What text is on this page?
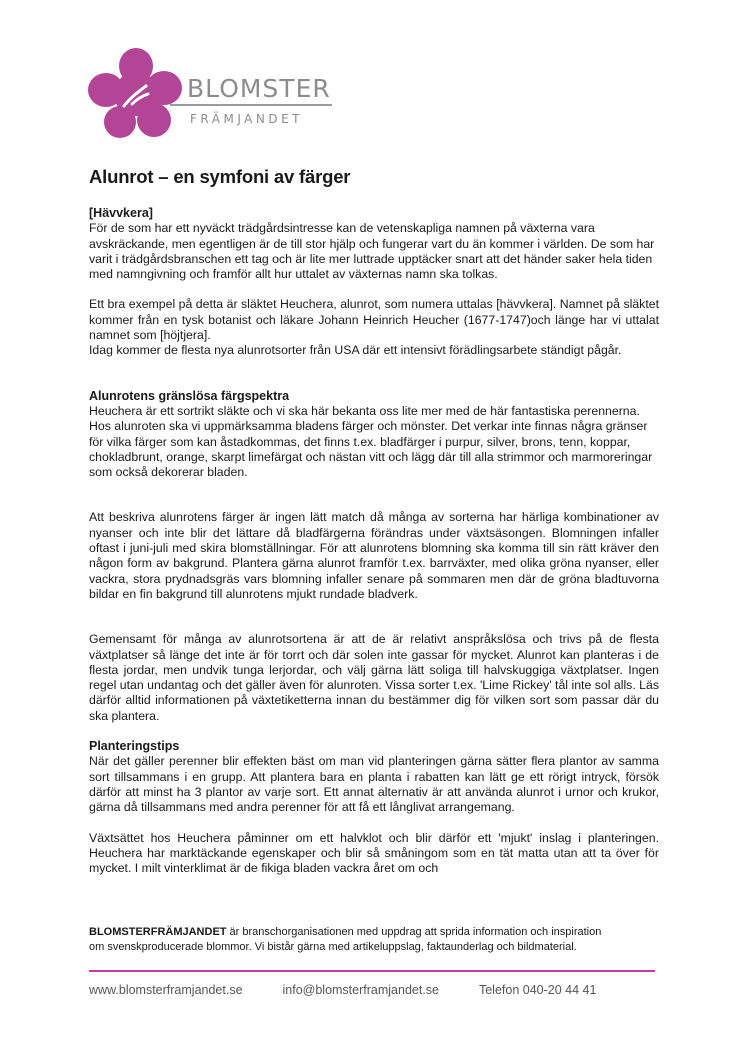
BLOMSTER
FRÄMJANDET
Alunrot – en symfoni av färger

[Hävvkera]

För de som har ett nyväckt trädgårdsintresse kan de vetenskapliga namnen på växterna vara avskräckande, men egentligen är de till stor hjälp och fungerar vart du än kommer i världen. De som har varit i trädgårdsbranschen ett tag och är lite mer luttrade upptäcker snart att det händer saker hela tiden med namngivning och framför allt hur uttalet av växternas namn ska tolkas.

Ett bra exempel på detta är släktet Heuchera, alunrot, som numera uttalas [hävvkera]. Namnet på släktet kommer från en tysk botanist och läkare Johann Heinrich Heucher (1677-1747)och länge har vi uttalat namnet som [höjtjera].

Idag kommer de flesta nya alunrotsorter från USA där ett intensivt förädlingsarbete ständigt pågår.

Alunrotens gränslösa färgspektra

Heuchera är ett sortrikt släkte och vi ska här bekanta oss lite mer med de här fantastiska perennerna. Hos alunroten ska vi uppmärksamma bladens färger och mönster. Det verkar inte finnas några gränser för vilka färger som kan åstadkommas, det finns t.ex. bladfärger i purpur, silver, brons, tenn, koppar, chokladbrunt, orange, skarpt limefärgat och nästan vitt och lägg där till alla strimmor och marmoreringar som också dekorerar bladen.

Att beskriva alunrotens färger är ingen lätt match då många av sorterna har härliga kombinationer av nyanser och inte blir det lättare då bladfärgerna förändras under växtsäsongen. Blomningen infaller oftast i juni-juli med skira blomställningar. För att alunrotens blomning ska komma till sin rätt kräver den någon form av bakgrund. Plantera gärna alunrot framför t.ex. barrväxter, med olika gröna nyanser, eller vackra, stora prydnadsgräs vars blomning infaller senare på sommaren men där de gröna bladtuvorna bildar en fin bakgrund till alunrotens mjukt rundade bladverk.

Gemensamt för många av alunrotsortena är att de är relativt anspråkslösa och trivs på de flesta växtplatser så länge det inte är för torrt och där solen inte gassar för mycket. Alunrot kan planteras i de flesta jordar, men undvik tunga lerjordar, och välj gärna lätt soliga till halvskuggiga växtplatser. Ingen regel utan undantag och det gäller även för alunroten. Vissa sorter t.ex. 'Lime Rickey' tål inte sol alls. Läs därför alltid informationen på växtetiketterna innan du bestämmer dig för vilken sort som passar där du ska plantera.

Planteringstips

När det gäller perenner blir effekten bäst om man vid planteringen gärna sätter flera plantor av samma sort tillsammans i en grupp. Att plantera bara en planta i rabatten kan lätt ge ett rörigt intryck, försök därför att minst ha 3 plantor av varje sort. Ett annat alternativ är att använda alunrot i urnor och krukor, gärna då tillsammans med andra perenner för att få ett långlivat arrangemang.

Växtsättet hos Heuchera påminner om ett halvklot och blir därför ett 'mjukt' inslag i planteringen. Heuchera har marktäckande egenskaper och blir så småningom som en tät matta utan att ta över för mycket. I milt vinterklimat är de fikiga bladen vackra året om och

BLOMSTERFRÄMJANDET är branschorganisationen med uppdrag att sprida information och inspiration
om svenskproducerade blommor. Vi bistår gärna med artikeluppslag, faktaunderlag och bildmaterial.
www.blomsterframjandet.se	info@blomsterframjandet.se	Telefon 040-20 44 41
